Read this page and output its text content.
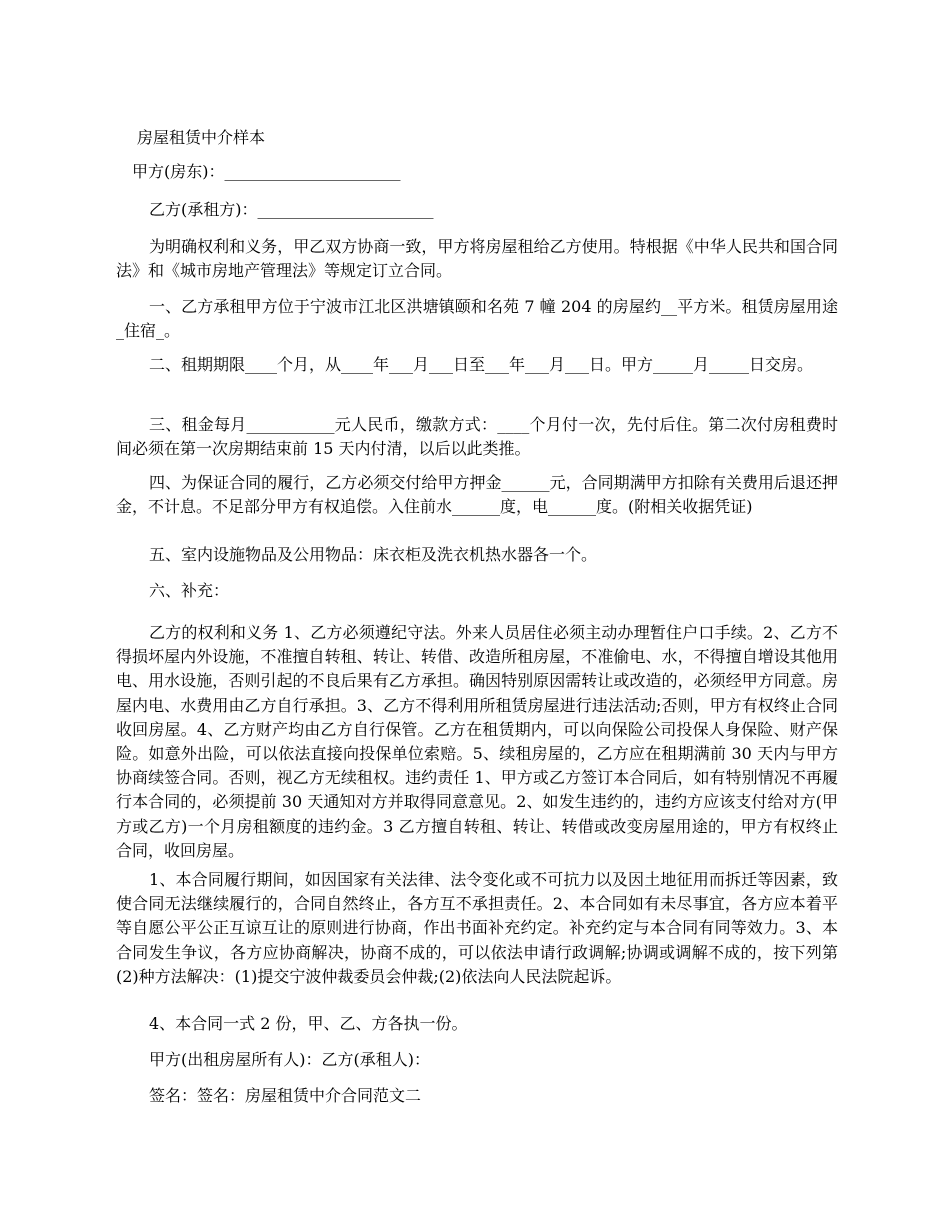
房屋租赁中介样本
甲方(房东)：______________________
乙方(承租方)：______________________
为明确权利和义务，甲乙双方协商一致，甲方将房屋租给乙方使用。特根据《中华人民共和国合同法》和《城市房地产管理法》等规定订立合同。
一、乙方承租甲方位于宁波市江北区洪塘镇颐和名苑 7 幢 204 的房屋约__平方米。租赁房屋用途_住宿_。
二、租期期限____个月，从____年___月___日至___年___月___日。甲方_____月_____日交房。
三、租金每月___________元人民币，缴款方式：____个月付一次，先付后住。第二次付房租费时间必须在第一次房期结束前 15 天内付清，以后以此类推。
四、为保证合同的履行，乙方必须交付给甲方押金______元，合同期满甲方扣除有关费用后退还押金，不计息。不足部分甲方有权追偿。入住前水______度，电______度。(附相关收据凭证)
五、室内设施物品及公用物品：床衣柜及洗衣机热水器各一个。
六、补充：
乙方的权利和义务 1、乙方必须遵纪守法。外来人员居住必须主动办理暂住户口手续。2、乙方不得损坏屋内外设施，不准擅自转租、转让、转借、改造所租房屋，不准偷电、水，不得擅自增设其他用电、用水设施，否则引起的不良后果有乙方承担。确因特别原因需转让或改造的，必须经甲方同意。房屋内电、水费用由乙方自行承担。3、乙方不得利用所租赁房屋进行违法活动;否则，甲方有权终止合同收回房屋。4、乙方财产均由乙方自行保管。乙方在租赁期内，可以向保险公司投保人身保险、财产保险。如意外出险，可以依法直接向投保单位索赔。5、续租房屋的，乙方应在租期满前 30 天内与甲方协商续签合同。否则，视乙方无续租权。违约责任 1、甲方或乙方签订本合同后，如有特别情况不再履行本合同的，必须提前 30 天通知对方并取得同意意见。2、如发生违约的，违约方应该支付给对方(甲方或乙方)一个月房租额度的违约金。3 乙方擅自转租、转让、转借或改变房屋用途的，甲方有权终止合同，收回房屋。
1、本合同履行期间，如因国家有关法律、法令变化或不可抗力以及因土地征用而拆迁等因素，致使合同无法继续履行的，合同自然终止，各方互不承担责任。2、本合同如有未尽事宜，各方应本着平等自愿公平公正互谅互让的原则进行协商，作出书面补充约定。补充约定与本合同有同等效力。3、本合同发生争议，各方应协商解决，协商不成的，可以依法申请行政调解;协调或调解不成的，按下列第(2)种方法解决：(1)提交宁波仲裁委员会仲裁;(2)依法向人民法院起诉。
4、本合同一式 2 份，甲、乙、方各执一份。
甲方(出租房屋所有人)：乙方(承租人)：
签名：签名：房屋租赁中介合同范文二
